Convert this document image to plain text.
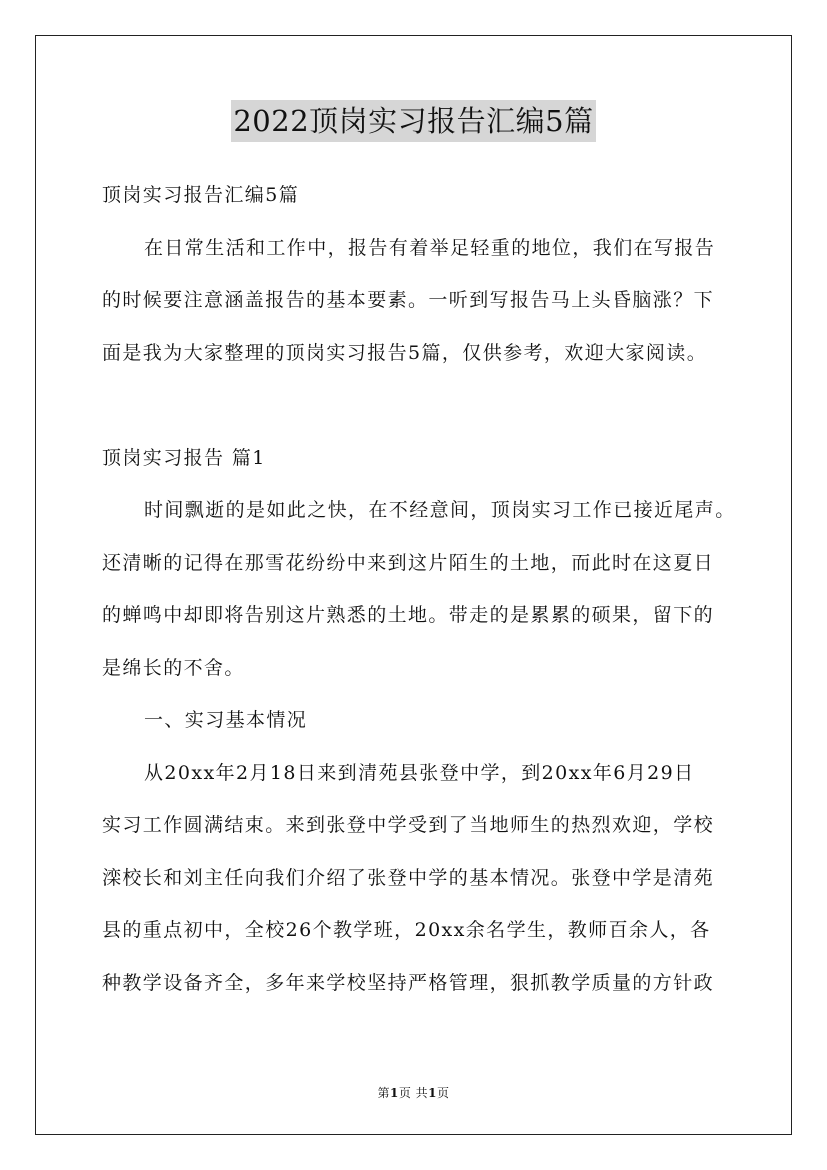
2022顶岗实习报告汇编5篇
顶岗实习报告汇编5篇
在日常生活和工作中，报告有着举足轻重的地位，我们在写报告
的时候要注意涵盖报告的基本要素。一听到写报告马上头昏脑涨？下
面是我为大家整理的顶岗实习报告5篇，仅供参考，欢迎大家阅读。
顶岗实习报告 篇1
时间飘逝的是如此之快，在不经意间，顶岗实习工作已接近尾声。
还清晰的记得在那雪花纷纷中来到这片陌生的土地，而此时在这夏日
的蝉鸣中却即将告别这片熟悉的土地。带走的是累累的硕果，留下的
是绵长的不舍。
一、实习基本情况
从20xx年2月18日来到清苑县张登中学，到20xx年6月29日
实习工作圆满结束。来到张登中学受到了当地师生的热烈欢迎，学校
滦校长和刘主任向我们介绍了张登中学的基本情况。张登中学是清苑
县的重点初中，全校26个教学班，20xx余名学生，教师百余人，各
种教学设备齐全，多年来学校坚持严格管理，狠抓教学质量的方针政
第1页 共1页
